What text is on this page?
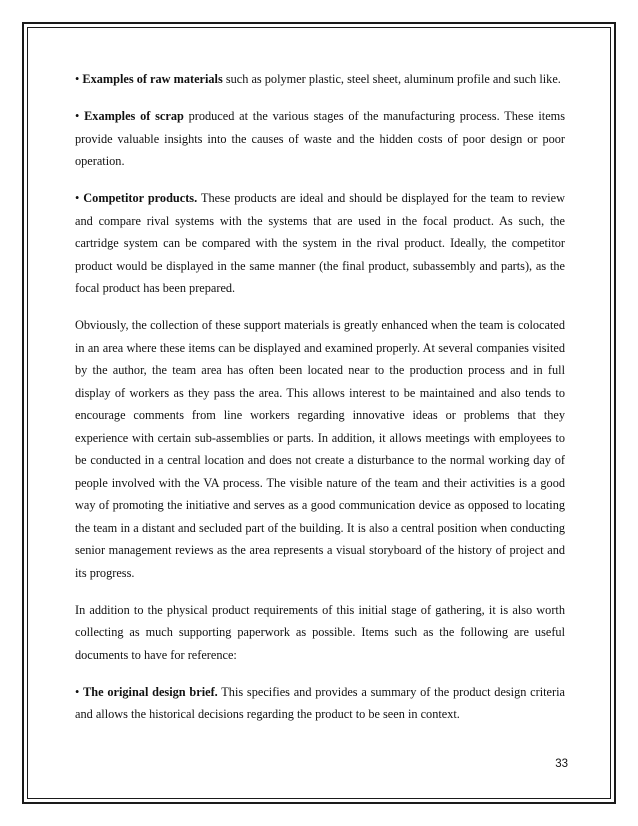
• Examples of raw materials such as polymer plastic, steel sheet, aluminum profile and such like.

• Examples of scrap produced at the various stages of the manufacturing process. These items provide valuable insights into the causes of waste and the hidden costs of poor design or poor operation.

• Competitor products. These products are ideal and should be displayed for the team to review and compare rival systems with the systems that are used in the focal product. As such, the cartridge system can be compared with the system in the rival product. Ideally, the competitor product would be displayed in the same manner (the final product, subassembly and parts), as the focal product has been prepared.

Obviously, the collection of these support materials is greatly enhanced when the team is colocated in an area where these items can be displayed and examined properly. At several companies visited by the author, the team area has often been located near to the production process and in full display of workers as they pass the area. This allows interest to be maintained and also tends to encourage comments from line workers regarding innovative ideas or problems that they experience with certain sub-assemblies or parts. In addition, it allows meetings with employees to be conducted in a central location and does not create a disturbance to the normal working day of people involved with the VA process. The visible nature of the team and their activities is a good way of promoting the initiative and serves as a good communication device as opposed to locating the team in a distant and secluded part of the building. It is also a central position when conducting senior management reviews as the area represents a visual storyboard of the history of project and its progress.

In addition to the physical product requirements of this initial stage of gathering, it is also worth collecting as much supporting paperwork as possible. Items such as the following are useful documents to have for reference:

• The original design brief. This specifies and provides a summary of the product design criteria and allows the historical decisions regarding the product to be seen in context.

33
